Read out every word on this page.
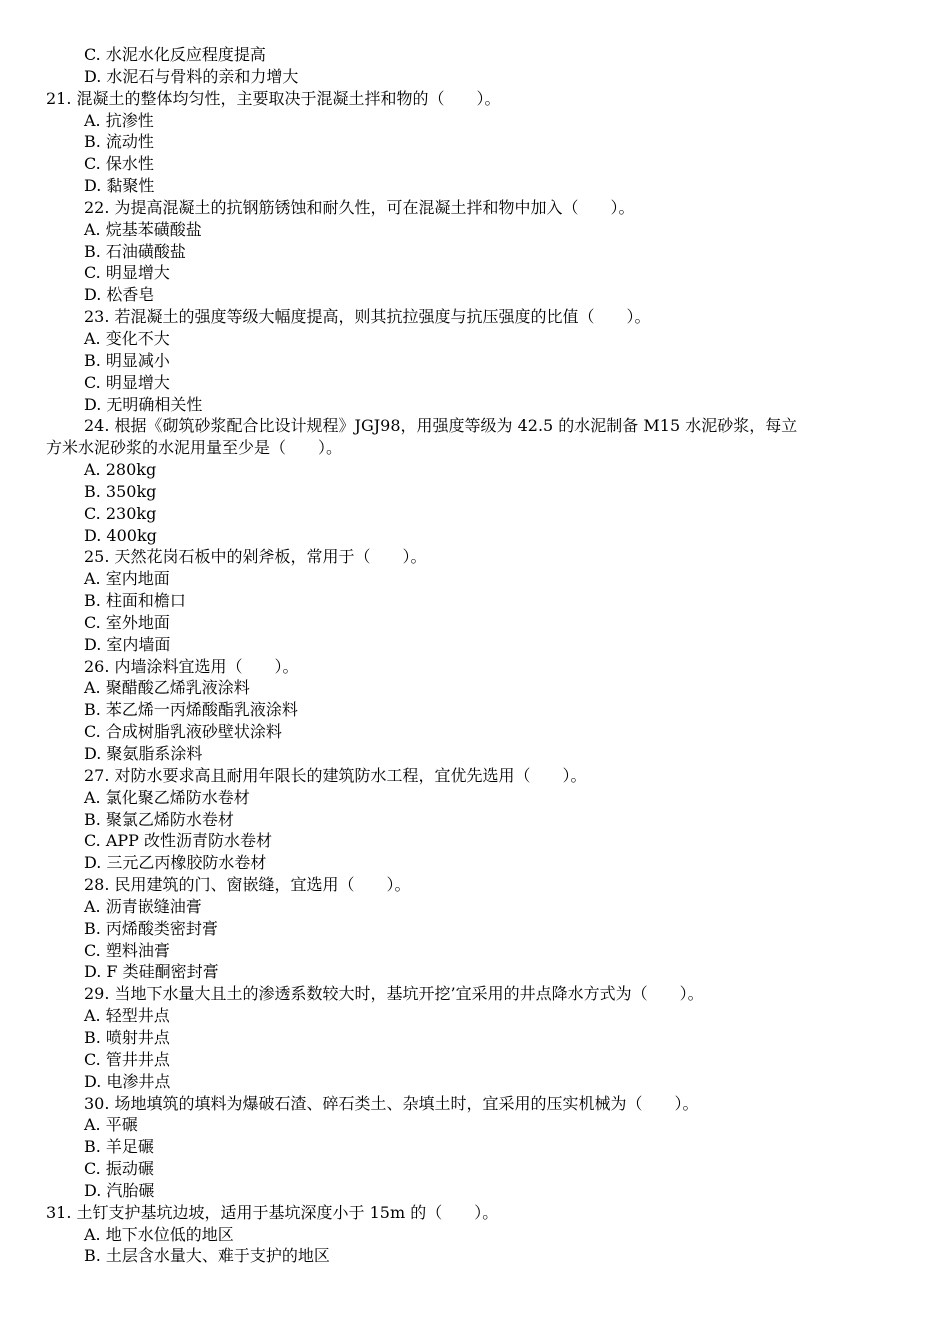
C. 水泥水化反应程度提高
D. 水泥石与骨料的亲和力增大
21. 混凝土的整体均匀性，主要取决于混凝土拌和物的（　　）。
A. 抗渗性
B. 流动性
C. 保水性
D. 黏聚性
22. 为提高混凝土的抗钢筋锈蚀和耐久性，可在混凝土拌和物中加入（　　）。
A. 烷基苯磺酸盐
B. 石油磺酸盐
C. 明显增大
D. 松香皂
23. 若混凝土的强度等级大幅度提高，则其抗拉强度与抗压强度的比值（　　）。
A. 变化不大
B. 明显减小
C. 明显增大
D. 无明确相关性
24. 根据《砌筑砂浆配合比设计规程》JGJ98，用强度等级为 42.5 的水泥制备 M15 水泥砂浆，每立
方米水泥砂浆的水泥用量至少是（　　）。
A. 280kg
B. 350kg
C. 230kg
D. 400kg
25. 天然花岗石板中的剁斧板，常用于（　　）。
A. 室内地面
B. 柱面和檐口
C. 室外地面
D. 室内墙面
26. 内墙涂料宜选用（　　）。
A. 聚醋酸乙烯乳液涂料
B. 苯乙烯一丙烯酸酯乳液涂料
C. 合成树脂乳液砂壁状涂料
D. 聚氨脂系涂料
27. 对防水要求高且耐用年限长的建筑防水工程，宜优先选用（　　）。
A. 氯化聚乙烯防水卷材
B. 聚氯乙烯防水卷材
C. APP 改性沥青防水卷材
D. 三元乙丙橡胶防水卷材
28. 民用建筑的门、窗嵌缝，宜选用（　　）。
A. 沥青嵌缝油膏
B. 丙烯酸类密封膏
C. 塑料油膏
D. F 类硅酮密封膏
29. 当地下水量大且土的渗透系数较大时，基坑开挖’宜采用的井点降水方式为（　　）。
A. 轻型井点
B. 喷射井点
C. 管井井点
D. 电渗井点
30. 场地填筑的填料为爆破石渣、碎石类土、杂填土时，宜采用的压实机械为（　　）。
A. 平碾
B. 羊足碾
C. 振动碾
D. 汽胎碾
31. 土钉支护基坑边坡，适用于基坑深度小于 15m 的（　　）。
A. 地下水位低的地区
B. 土层含水量大、难于支护的地区
